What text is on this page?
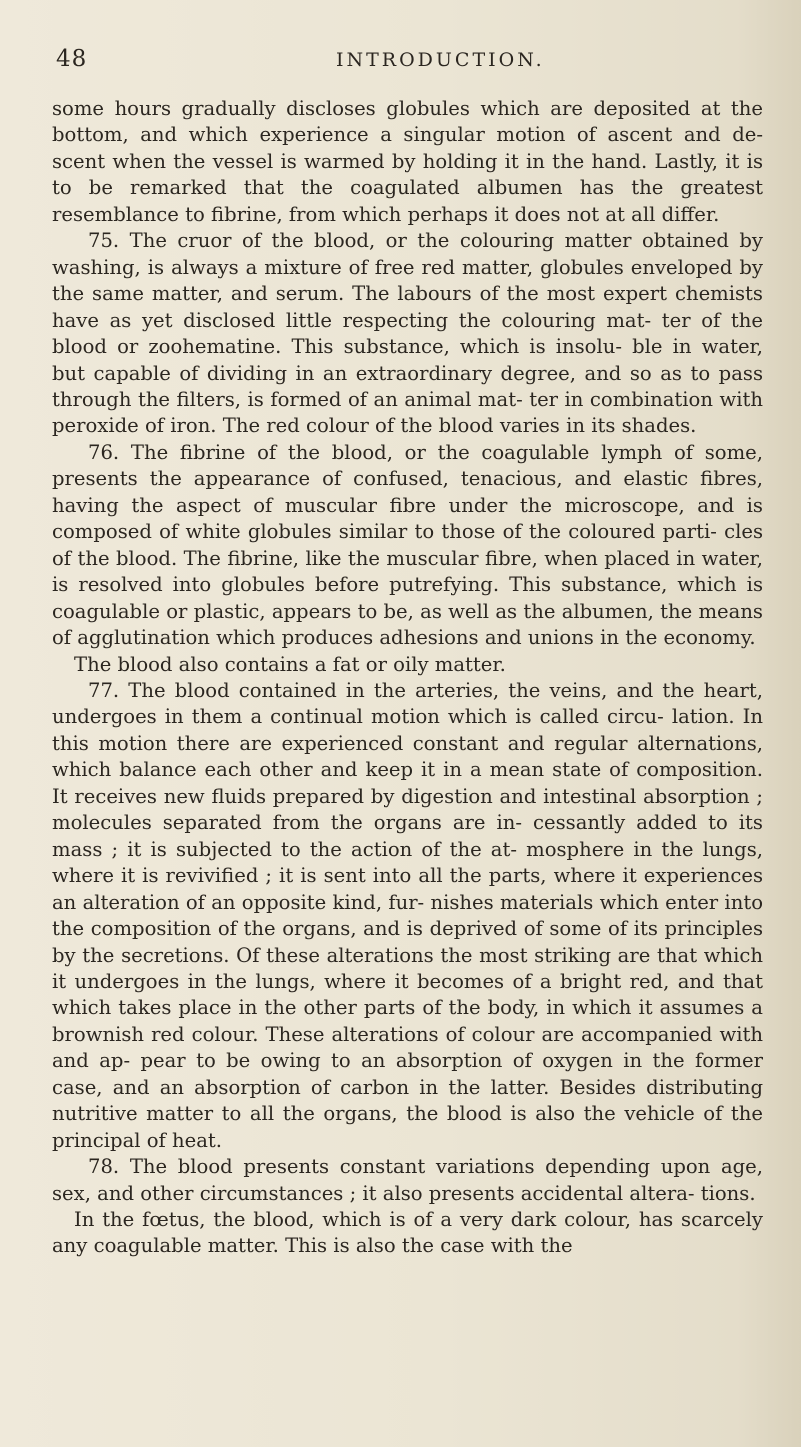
48	INTRODUCTION.

some hours gradually discloses globules which are deposited at the bottom, and which experience a singular motion of ascent and de- scent when the vessel is warmed by holding it in the hand. Lastly, it is to be remarked that the coagulated albumen has the greatest resemblance to fibrine, from which perhaps it does not at all differ.

75. The cruor of the blood, or the colouring matter obtained by washing, is always a mixture of free red matter, globules enveloped by the same matter, and serum. The labours of the most expert chemists have as yet disclosed little respecting the colouring mat- ter of the blood or zoohematine. This substance, which is insolu- ble in water, but capable of dividing in an extraordinary degree, and so as to pass through the filters, is formed of an animal mat- ter in combination with peroxide of iron. The red colour of the blood varies in its shades.

76. The fibrine of the blood, or the coagulable lymph of some, presents the appearance of confused, tenacious, and elastic fibres, having the aspect of muscular fibre under the microscope, and is composed of white globules similar to those of the coloured parti- cles of the blood. The fibrine, like the muscular fibre, when placed in water, is resolved into globules before putrefying. This substance, which is coagulable or plastic, appears to be, as well as the albumen, the means of agglutination which produces adhesions and unions in the economy.

The blood also contains a fat or oily matter.

77. The blood contained in the arteries, the veins, and the heart, undergoes in them a continual motion which is called circu- lation. In this motion there are experienced constant and regular alternations, which balance each other and keep it in a mean state of composition. It receives new fluids prepared by digestion and intestinal absorption ; molecules separated from the organs are in- cessantly added to its mass ; it is subjected to the action of the at- mosphere in the lungs, where it is revivified ; it is sent into all the parts, where it experiences an alteration of an opposite kind, fur- nishes materials which enter into the composition of the organs, and is deprived of some of its principles by the secretions. Of these alterations the most striking are that which it undergoes in the lungs, where it becomes of a bright red, and that which takes place in the other parts of the body, in which it assumes a brownish red colour. These alterations of colour are accompanied with and ap- pear to be owing to an absorption of oxygen in the former case, and an absorption of carbon in the latter. Besides distributing nutritive matter to all the organs, the blood is also the vehicle of the principal of heat.

78. The blood presents constant variations depending upon age, sex, and other circumstances ; it also presents accidental altera- tions.

In the fœtus, the blood, which is of a very dark colour, has scarcely any coagulable matter. This is also the case with the
